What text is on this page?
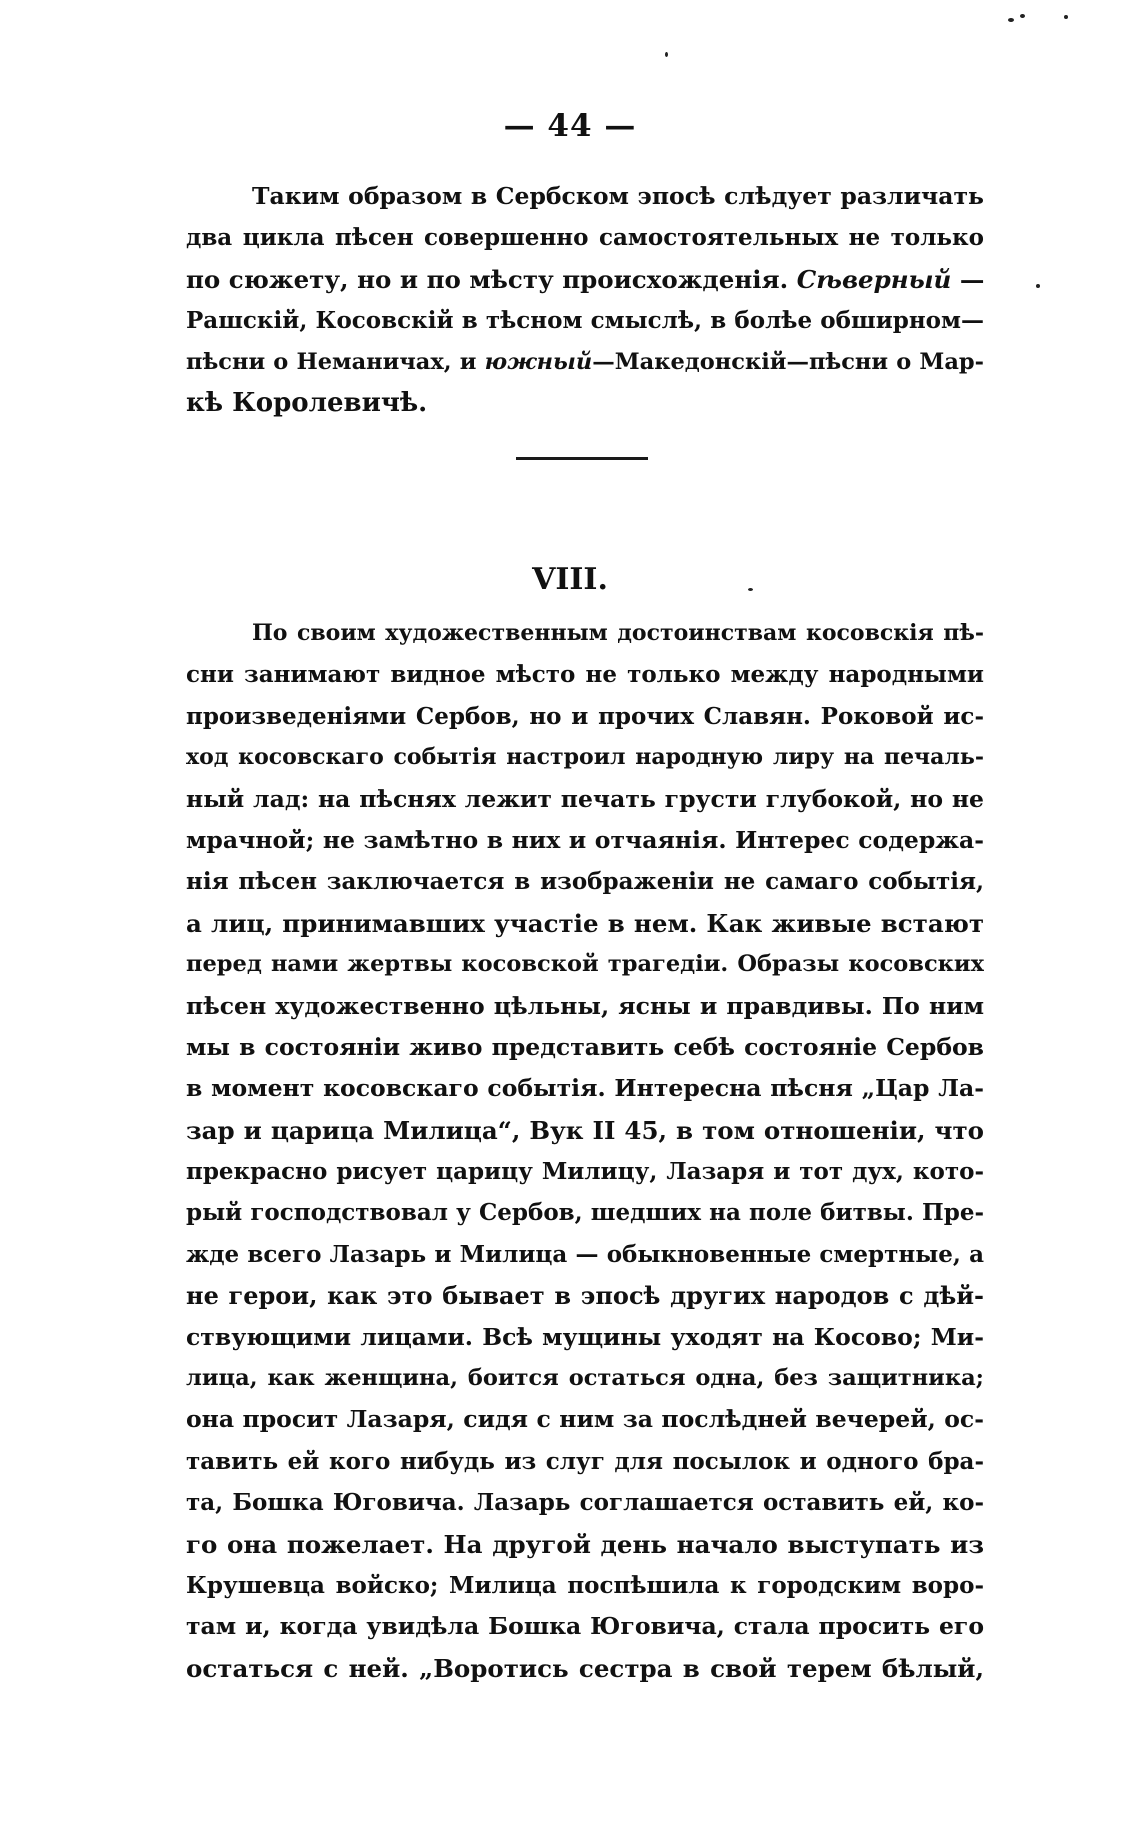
— 44 —
Таким образом в Сербском эпосѣ слѣдует различать
два цикла пѣсен совершенно самостоятельных не только
по сюжету, но и по мѣсту происхожденія. Сѣверный —
Рашскій, Косовскій в тѣсном смыслѣ, в болѣе обширном—
пѣсни о Неманичах, и южный—Македонскій—пѣсни о Мар-
кѣ Королевичѣ.
VIII.
По своим художественным достоинствам косовскія пѣ-
сни занимают видное мѣсто не только между народными
произведеніями Сербов, но и прочих Славян. Роковой ис-
ход косовскаго событія настроил народную лиру на печаль-
ный лад: на пѣснях лежит печать грусти глубокой, но не
мрачной; не замѣтно в них и отчаянія. Интерес содержа-
нія пѣсен заключается в изображеніи не самаго событія,
а лиц, принимавших участіе в нем. Как живые встают
перед нами жертвы косовской трагедіи. Образы косовских
пѣсен художественно цѣльны, ясны и правдивы. По ним
мы в состояніи живо представить себѣ состояніе Сербов
в момент косовскаго событія. Интересна пѣсня „Цар Ла-
зар и царица Милица“, Вук II 45, в том отношеніи, что
прекрасно рисует царицу Милицу, Лазаря и тот дух, кото-
рый господствовал у Сербов, шедших на поле битвы. Пре-
жде всего Лазарь и Милица — обыкновенные смертные, а
не герои, как это бывает в эпосѣ других народов с дѣй-
ствующими лицами. Всѣ мущины уходят на Косово; Ми-
лица, как женщина, боится остаться одна, без защитника;
она просит Лазаря, сидя с ним за послѣдней вечерей, ос-
тавить ей кого нибудь из слуг для посылок и одного бра-
та, Бошка Юговича. Лазарь соглашается оставить ей, ко-
го она пожелает. На другой день начало выступать из
Крушевца войско; Милица поспѣшила к городским воро-
там и, когда увидѣла Бошка Юговича, стала просить его
остаться с ней. „Воротись сестра в свой терем бѣлый,
